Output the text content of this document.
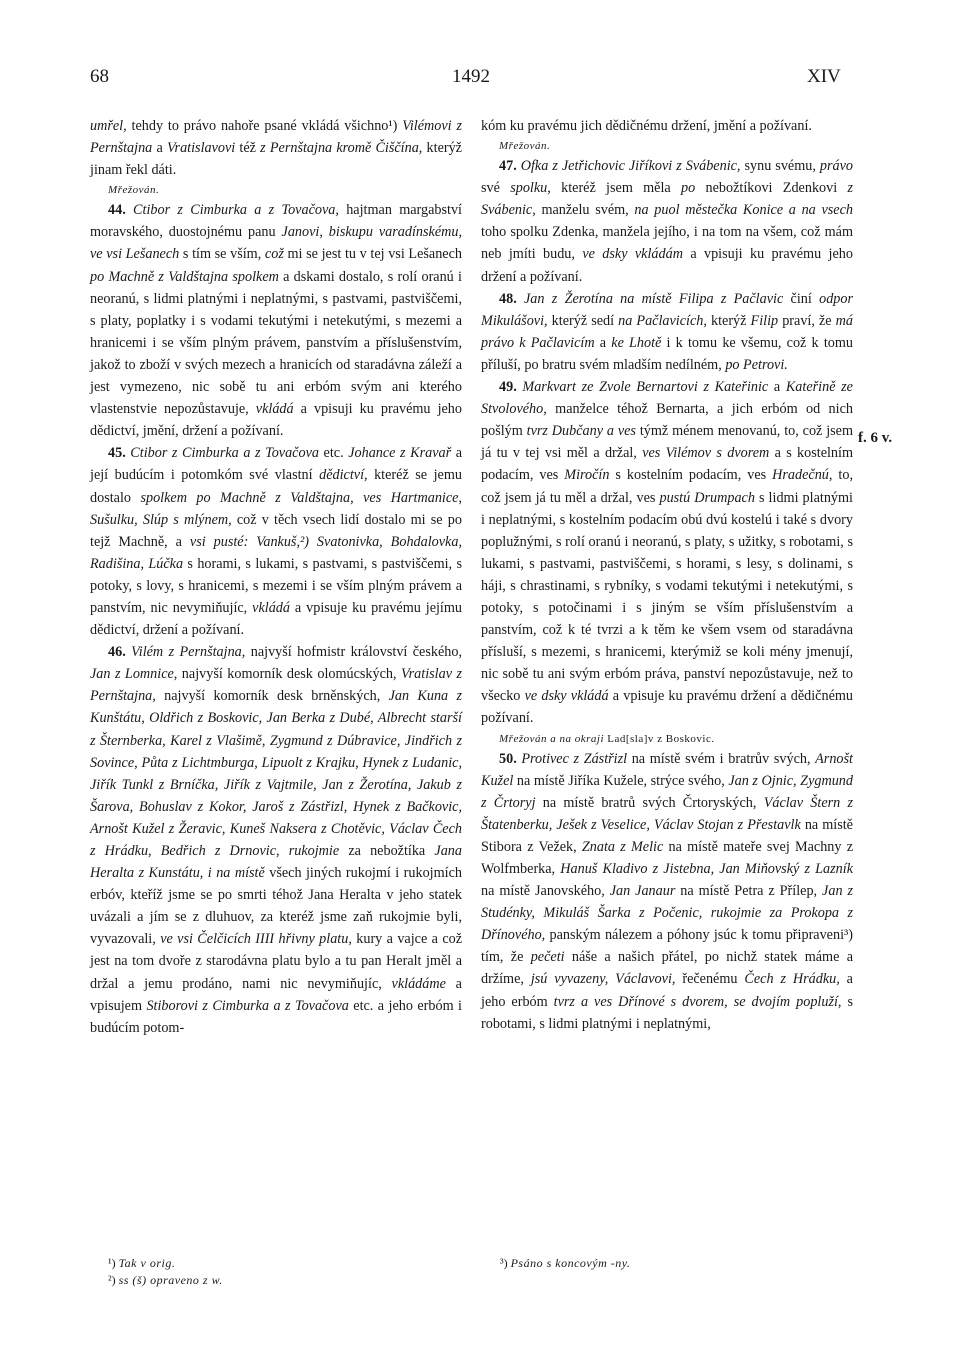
68	1492	XIV

umřel, tehdy to právo nahoře psané vkládá všichno¹) Vilémovi z Pernštajna a Vratislavovi též z Pernštajna kromě Čiščína, kterýž jinam řekl dáti.

Mřežován.

44. Ctibor z Cimburka a z Tovačova, hajtman margabství moravského, duostojnému panu Janovi, biskupu varadínskému, ve vsi Lešanech s tím se vším, což mi se jest tu v tej vsi Lešanech po Machně z Valdštajna spolkem a dskami dostalo, s rolí oranú i neoranú, s lidmi platnými i neplatnými, s pastvami, pastviščemi, s platy, poplatky i s vodami tekutými i netekutými, s mezemi a hranicemi i se vším plným právem, panstvím a příslušenstvím, jakož to zboží v svých mezech a hranicích od staradávna záleží a jest vymezeno, nic sobě tu ani erbóm svým ani kterého vlastenstvie nepozůstavuje, vkládá a vpisuji ku pravému jeho dědictví, jmění, držení a požívaní.

45. Ctibor z Cimburka a z Tovačova etc. Johance z Kravař a její budúcím i potomkóm své vlastní dědictví, kteréž se jemu dostalo spolkem po Machně z Valdštajna, ves Hartmanice, Sušulku, Slúp s mlýnem, což v těch vsech lidí dostalo mi se po tejž Machně, a vsi pusté: Vankuš,²) Svatonivka, Bohdalovka, Radišina, Lúčka s horami, s lukami, s pastvami, s pastviščemi, s potoky, s lovy, s hranicemi, s mezemi i se vším plným právem a panstvím, nic nevymiňujíc, vkládá a vpisuje ku pravému jejímu dědictví, držení a požívaní.

46. Vilém z Pernštajna, najvyší hofmistr království českého, Jan z Lomnice, najvyší komorník desk olomúcských, Vratislav z Pernštajna, najvyší komorník desk brněnských, Jan Kuna z Kunštátu, Oldřich z Boskovic, Jan Berka z Dubé, Albrecht starší z Šternberka, Karel z Vlašimě, Zygmund z Dúbravice, Jindřich z Sovince, Půta z Lichtmburga, Lipuolt z Krajku, Hynek z Ludanic, Jiřík Tunkl z Brníčka, Jiřík z Vajtmile, Jan z Žerotína, Jakub z Šarova, Bohuslav z Kokor, Jaroš z Zástřizl, Hynek z Bačkovic, Arnošt Kužel z Žeravic, Kuneš Naksera z Chotěvic, Václav Čech z Hrádku, Bedřich z Drnovic, rukojmie za nebožtíka Jana Heralta z Kunstátu, i na místě všech jiných rukojmí i rukojmích erbóv, kteříž jsme se po smrti téhož Jana Heralta v jeho statek uvázali a jím se z dluhuov, za kteréž jsme zaň rukojmie byli, vyvazovali, ve vsi Čelčicích IIII hřivny platu, kury a vajce a což jest na tom dvoře z starodávna platu bylo a tu pan Heralt jměl a držal a jemu prodáno, nami nic nevymiňujíc, vkládáme a vpisujem Stiborovi z Cimburka a z Tovačova etc. a jeho erbóm i budúcím potom-

kóm ku pravému jich dědičnému držení, jmění a požívaní.

Mřežován.

47. Ofka z Jetřichovic Jiříkovi z Svábenic, synu svému, právo své spolku, kteréž jsem měla po nebožtíkovi Zdenkovi z Svábenic, manželu svém, na puol městečka Konice a na vsech toho spolku Zdenka, manžela jejího, i na tom na všem, což mám neb jmíti budu, ve dsky vkládám a vpisuji ku pravému jeho držení a požívaní.

48. Jan z Žerotína na místě Filipa z Pačlavic činí odpor Mikulášovi, kterýž sedí na Pačlavicích, kterýž Filip praví, že má právo k Pačlavicím a ke Lhotě i k tomu ke všemu, což k tomu příluší, po bratru svém mladším nedílném, po Petrovi.

49. Markvart ze Zvole Bernartovi z Kateřinic a Kateřině ze Stvolového, manželce téhož Bernarta, a jich erbóm od nich pošlým tvrz Dubčany a ves týmž ménem menovanú, to, což jsem já tu v tej vsi měl a držal, ves Vilémov s dvorem a s kostelním podacím, ves Miročín s kostelním podacím, ves Hradečnú, to, což jsem já tu měl a držal, ves pustú Drumpach s lidmi platnými i neplatnými, s kostelním podacím obú dvú kostelú i také s dvory poplužnými, s rolí oranú i neoranú, s platy, s užitky, s robotami, s lukami, s pastvami, pastviščemi, s horami, s lesy, s dolinami, s háji, s chrastinami, s rybníky, s vodami tekutými i netekutými, s potoky, s potočinami i s jiným se vším příslušenstvím a panstvím, což k té tvrzi a k těm ke všem vsem od staradávna přísluší, s mezemi, s hranicemi, kterýmiž se koli mény jmenují, nic sobě tu ani svým erbóm práva, panství nepozůstavuje, než to všecko ve dsky vkládá a vpisuje ku pravému držení a dědičnému požívaní.

Mřežován a na okraji Lad[sla]v z Boskovic.

50. Protivec z Zástřizl na místě svém i bratrův svých, Arnošt Kužel na místě Jiříka Kužele, strýce svého, Jan z Ojnic, Zygmund z Črtoryj na místě bratrů svých Črtoryských, Václav Štern z Štatenberku, Ješek z Veselice, Václav Stojan z Přestavlk na místě Stibora z Vežek, Znata z Melic na místě mateře svej Machny z Wolfmberka, Hanuš Kladivo z Jistebna, Jan Miňovský z Lazník na místě Janovského, Jan Janaur na místě Petra z Přílep, Jan z Studénky, Mikuláš Šarka z Počenic, rukojmie za Prokopa z Dřínového, panským nálezem a póhony jsúc k tomu připraveni³) tím, že pečeti náše a našich přátel, po nichž statek máme a držíme, jsú vyvazeny, Václavovi, řečenému Čech z Hrádku, a jeho erbóm tvrz a ves Dřínové s dvorem, se dvojím popluží, s robotami, s lidmi platnými i neplatnými,

f. 6 v.
¹) Tak v orig.
²) ss (š) opraveno z w.
³) Psáno s koncovým -ny.
